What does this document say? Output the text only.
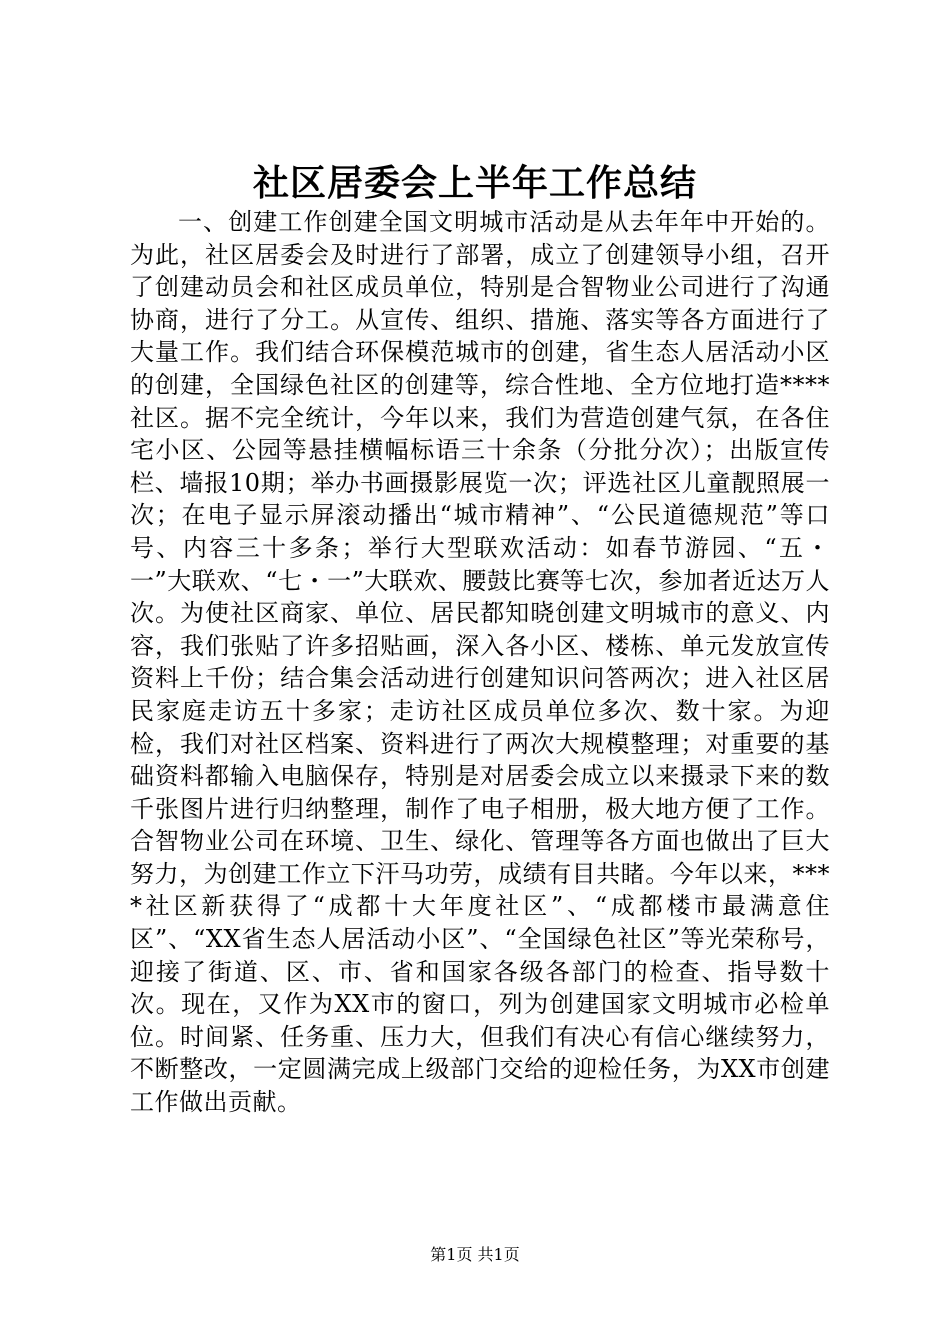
社区居委会上半年工作总结

一、创建工作创建全国文明城市活动是从去年年中开始的。为此，社区居委会及时进行了部署，成立了创建领导小组，召开了创建动员会和社区成员单位，特别是合智物业公司进行了沟通协商，进行了分工。从宣传、组织、措施、落实等各方面进行了大量工作。我们结合环保模范城市的创建，省生态人居活动小区的创建，全国绿色社区的创建等，综合性地、全方位地打造****社区。据不完全统计，今年以来，我们为营造创建气氛，在各住宅小区、公园等悬挂横幅标语三十余条（分批分次）；出版宣传栏、墙报10期；举办书画摄影展览一次；评选社区儿童靓照展一次；在电子显示屏滚动播出“城市精神”、“公民道德规范”等口号、内容三十多条；举行大型联欢活动：如春节游园、“五・一”大联欢、“七・一”大联欢、腰鼓比赛等七次，参加者近达万人次。为使社区商家、单位、居民都知晓创建文明城市的意义、内容，我们张贴了许多招贴画，深入各小区、楼栋、单元发放宣传资料上千份；结合集会活动进行创建知识问答两次；进入社区居民家庭走访五十多家；走访社区成员单位多次、数十家。为迎检，我们对社区档案、资料进行了两次大规模整理；对重要的基础资料都输入电脑保存，特别是对居委会成立以来摄录下来的数千张图片进行归纳整理，制作了电子相册，极大地方便了工作。合智物业公司在环境、卫生、绿化、管理等各方面也做出了巨大努力，为创建工作立下汗马功劳，成绩有目共睹。今年以来，****社区新获得了“成都十大年度社区”、“成都楼市最满意住区”、“XX省生态人居活动小区”、“全国绿色社区”等光荣称号，迎接了街道、区、市、省和国家各级各部门的检查、指导数十次。现在，又作为XX市的窗口，列为创建国家文明城市必检单位。时间紧、任务重、压力大，但我们有决心有信心继续努力，不断整改，一定圆满完成上级部门交给的迎检任务，为XX市创建工作做出贡献。

第1页 共1页
